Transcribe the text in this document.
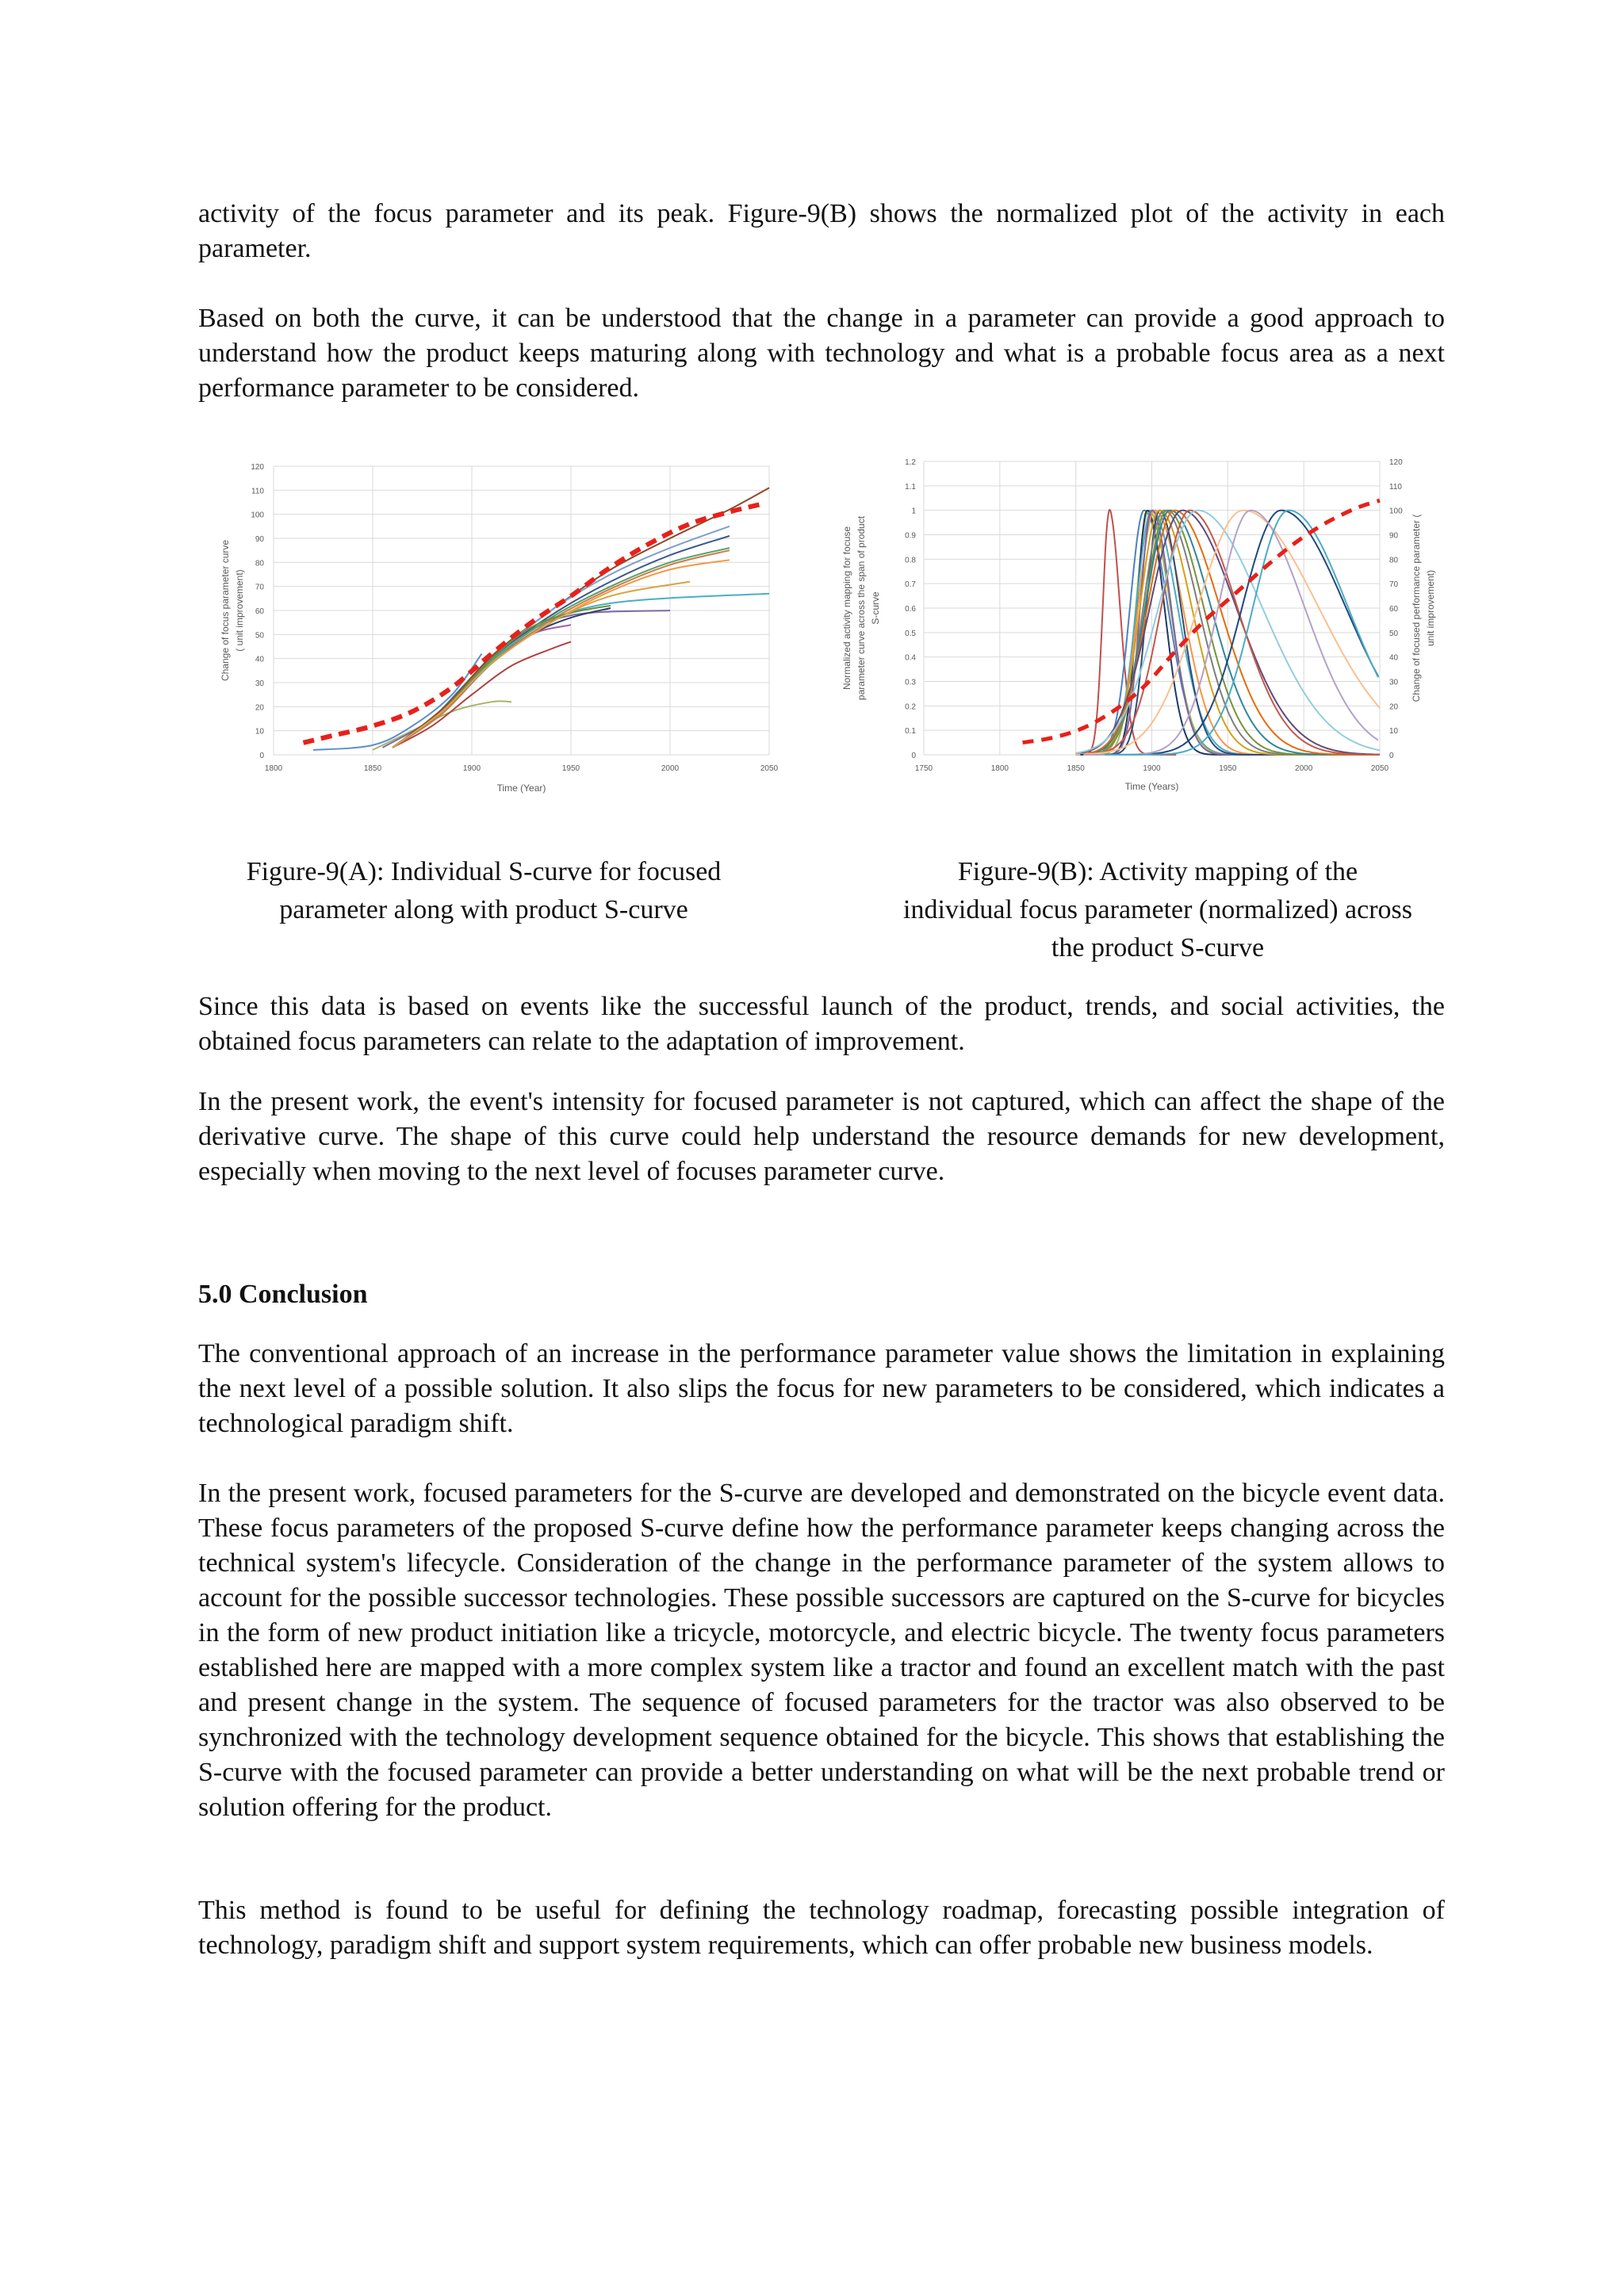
activity of the focus parameter and its peak. Figure-9(B) shows the normalized plot of the activity in each parameter.

Based on both the curve, it can be understood that the change in a parameter can provide a good approach to understand how the product keeps maturing along with technology and what is a probable focus area as a next performance parameter to be considered.

0
10
20
30
40
50
60
70
80
90
100
110
120
1800	1850	1900	1950	2000	2050
Time (Year)
Change of focus parameter curve ( unit improvement)
0	0
0.1	10
0.2	20
0.3	30
0.4	40
0.5	50
0.6	60
0.7	70
0.8	80
0.9	90
1	100
1.1	110
1.2	120
1750	1800	1850	1900	1950	2000	2050
Time (Years)
Normalized activity mapping for focuse parameter curve across the span of product S-curve	Change of focused performance parameter ( unit improvement)
Figure-9(A): Individual S-curve for focused
parameter along with product S-curve
Figure-9(B): Activity mapping of the
individual focus parameter (normalized) across
the product S-curve

Since this data is based on events like the successful launch of the product, trends, and social activities, the obtained focus parameters can relate to the adaptation of improvement.

In the present work, the event's intensity for focused parameter is not captured, which can affect the shape of the derivative curve. The shape of this curve could help understand the resource demands for new development, especially when moving to the next level of focuses parameter curve.

5.0 Conclusion

The conventional approach of an increase in the performance parameter value shows the limitation in explaining the next level of a possible solution. It also slips the focus for new parameters to be considered, which indicates a technological paradigm shift.

In the present work, focused parameters for the S-curve are developed and demonstrated on the bicycle event data. These focus parameters of the proposed S-curve define how the performance parameter keeps changing across the technical system's lifecycle. Consideration of the change in the performance parameter of the system allows to account for the possible successor technologies. These possible successors are captured on the S-curve for bicycles in the form of new product initiation like a tricycle, motorcycle, and electric bicycle. The twenty focus parameters established here are mapped with a more complex system like a tractor and found an excellent match with the past and present change in the system. The sequence of focused parameters for the tractor was also observed to be synchronized with the technology development sequence obtained for the bicycle. This shows that establishing the S-curve with the focused parameter can provide a better understanding on what will be the next probable trend or solution offering for the product.

This method is found to be useful for defining the technology roadmap, forecasting possible integration of technology, paradigm shift and support system requirements, which can offer probable new business models.
